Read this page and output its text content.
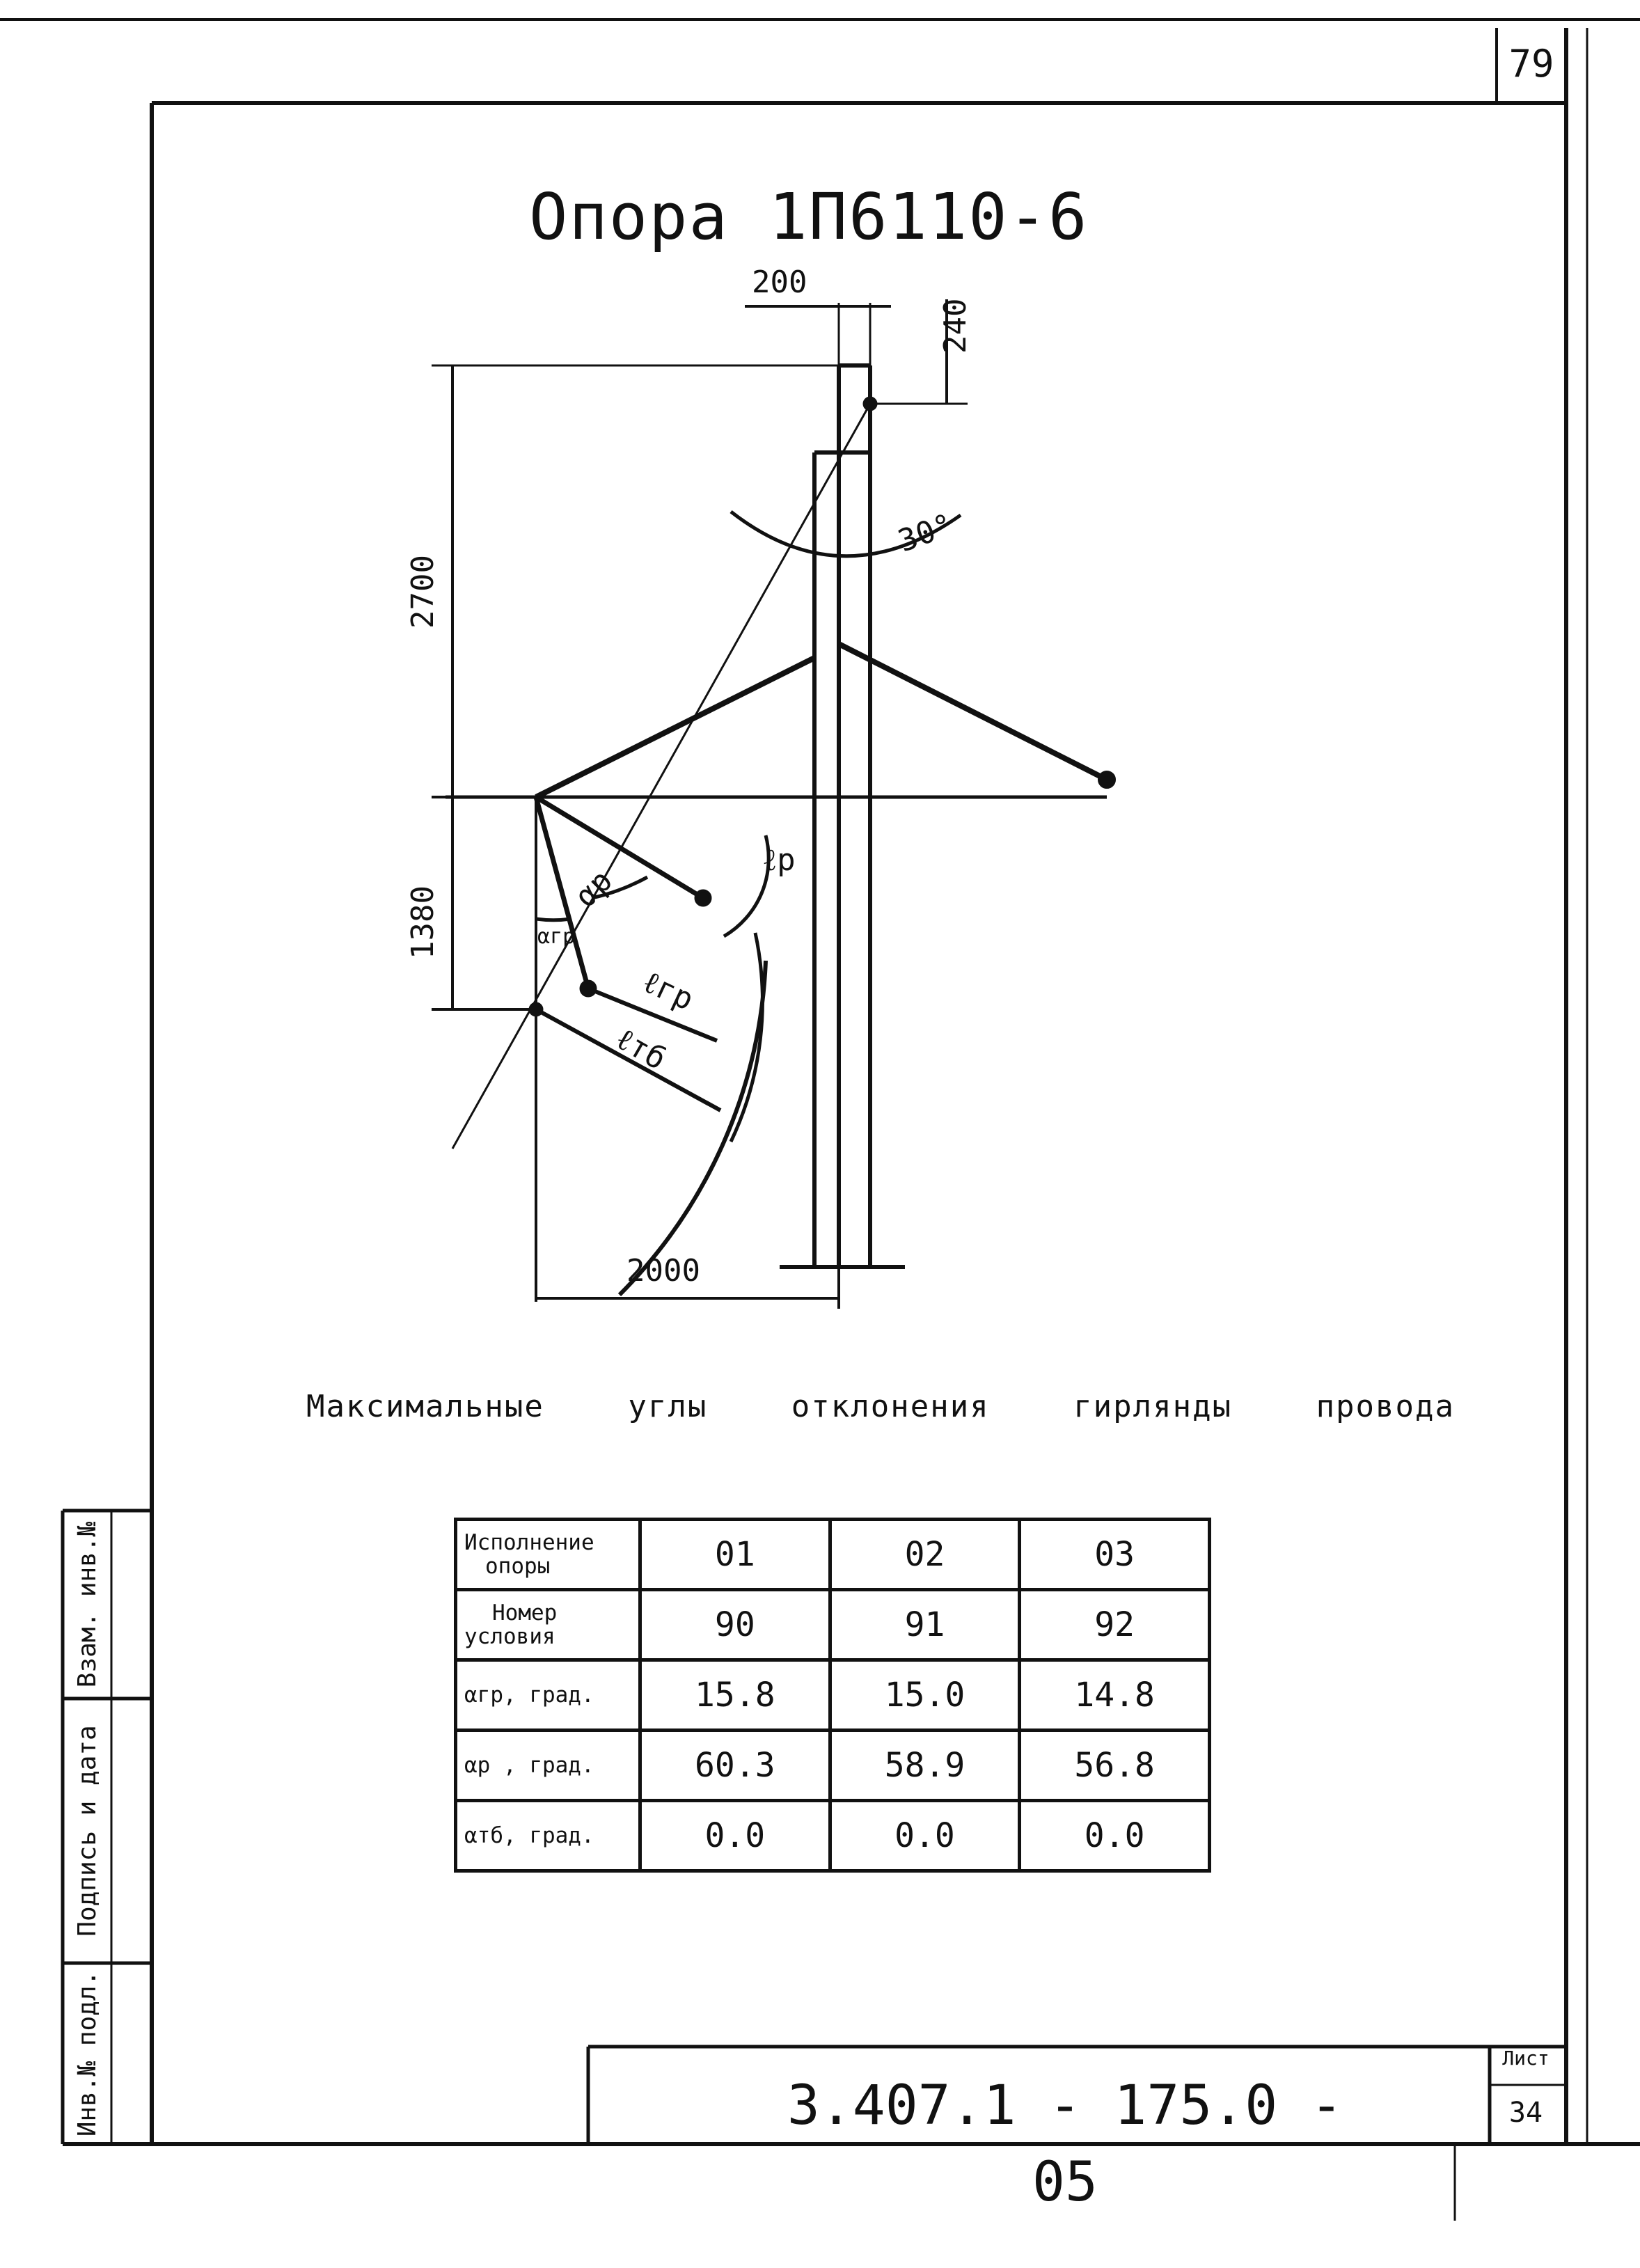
79
Опора 1П6110-6
200
240
2700
1380
2000
30°
ℓр
αр
αгр
ℓгр
ℓтб
Максимальные	углы	отклонения	гирлянды	провода
Исполнение
опоры	01	02	03

Номер
условия	90	91	92
αгр, град.	15.8	15.0	14.8
αр , град.	60.3	58.9	56.8
αтб, град.	0.0	0.0	0.0
3.407.1 - 175.0 - 05
Лист
34
Инв.№ подл.
Подпись и дата
Взам. инв.№
